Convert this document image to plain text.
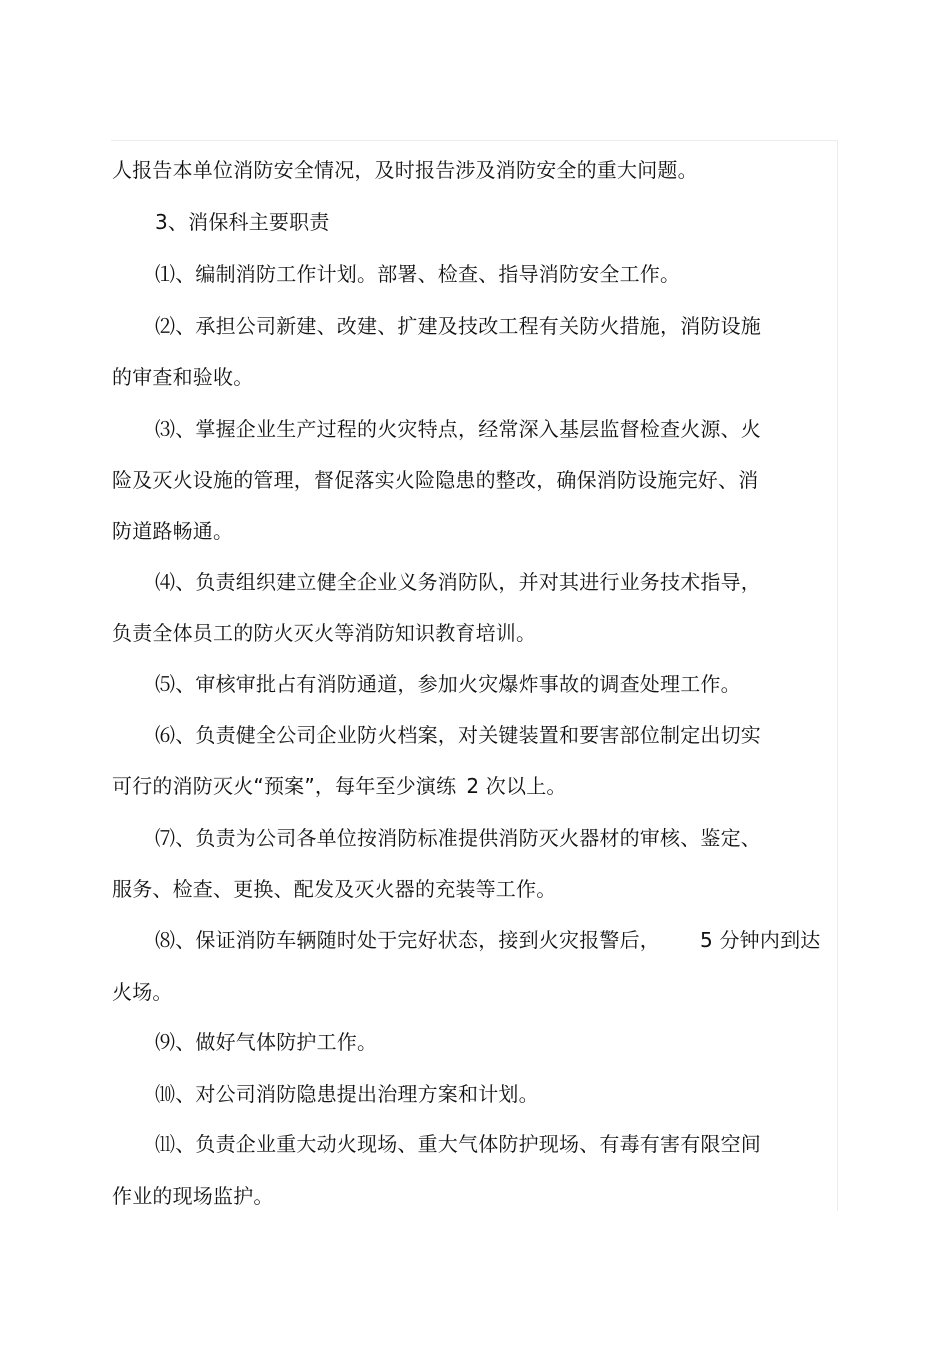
人报告本单位消防安全情况，及时报告涉及消防安全的重大问题。
3、消保科主要职责
⑴、编制消防工作计划。部署、检查、指导消防安全工作。
⑵、承担公司新建、改建、扩建及技改工程有关防火措施，消防设施
的审查和验收。
⑶、掌握企业生产过程的火灾特点，经常深入基层监督检查火源、火
险及灭火设施的管理，督促落实火险隐患的整改，确保消防设施完好、消
防道路畅通。
⑷、负责组织建立健全企业义务消防队，并对其进行业务技术指导，
负责全体员工的防火灭火等消防知识教育培训。
⑸、审核审批占有消防通道，参加火灾爆炸事故的调查处理工作。
⑹、负责健全公司企业防火档案，对关键装置和要害部位制定出切实
可行的消防灭火“预案”，每年至少演练 2 次以上。
⑺、负责为公司各单位按消防标准提供消防灭火器材的审核、鉴定、
服务、检查、更换、配发及灭火器的充装等工作。
⑻、保证消防车辆随时处于完好状态，接到火灾报警后， 5 分钟内到达
火场。
⑼、做好气体防护工作。
⑽、对公司消防隐患提出治理方案和计划。
⑾、负责企业重大动火现场、重大气体防护现场、有毒有害有限空间
作业的现场监护。
